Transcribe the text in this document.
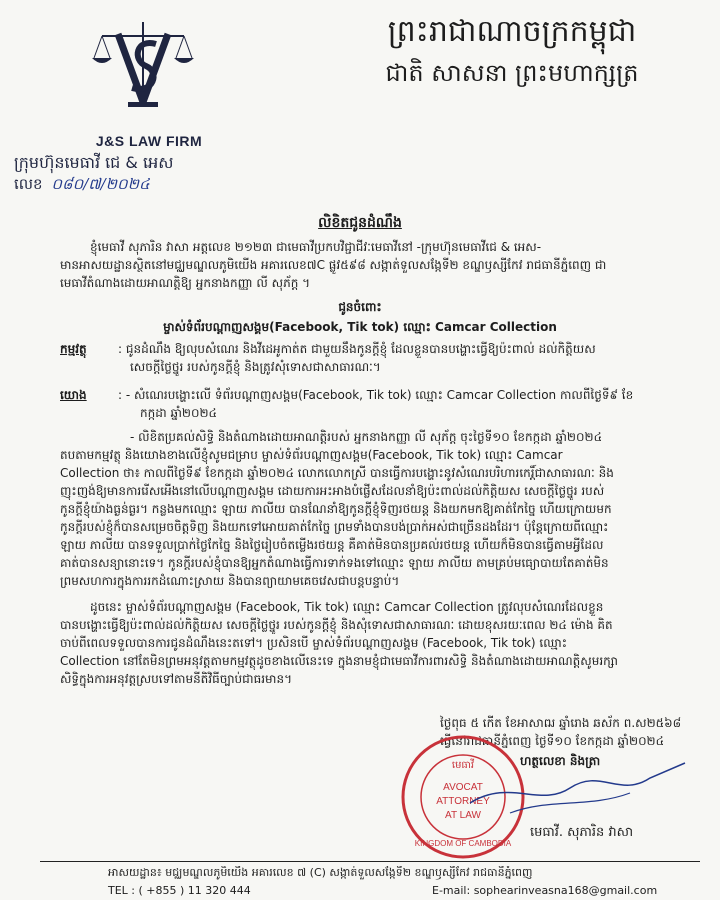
J&S LAW FIRM
ក្រុមហ៊ុនមេធាវី ជេ & អេស
លេខ ០៨០/៧/២០២៤
ព្រះរាជាណាចក្រកម្ពុជា
ជាតិ សាសនា ព្រះមហាក្សត្រ
លិខិតជូនដំណឹង
ខ្ញុំមេធាវី សុភារិន វាសា អត្តលេខ ២១២៣ ជាមេធាវីប្រកបវិជ្ជាជីវៈមេធាវីនៅ -ក្រុមហ៊ុនមេធាវីជេ & អេស-
មានអាសយដ្ឋានស្ថិតនៅមជ្ឈមណ្ឌលភូមិយើង អគារលេខ៧C ផ្លូវ៥៩៨ សង្កាត់ទួលសង្កែទី២ ខណ្ឌឫស្សីកែវ រាជធានីភ្នំពេញ ជា
មេធាវីតំណាងដោយអាណត្តិឱ្យ អ្នកនាងកញ្ញា លី សុភ័ក្ត ។
ជូនចំពោះ
ម្ចាស់ទំព័របណ្តាញសង្គម(Facebook, Tik tok) ឈ្មោះ Camcar Collection
កម្មវត្ថុ	: ជូនដំណឹង ឱ្យលុបសំណេរ និងវីដេអូកាត់ត ជាមួយនឹងកូនក្តីខ្ញុំ ដែលខ្លួនបានបង្ហោះធ្វើឱ្យប៉ះពាល់ ដល់កិត្តិយស
សេចក្តីថ្លៃថ្នូរ របស់កូនក្តីខ្ញុំ និងត្រូវសុំទោសជាសាធារណៈ។
យោង	: - សំណេរបង្ហោះលើ ទំព័របណ្តាញសង្គម(Facebook, Tik tok) ឈ្មោះ Camcar Collection កាលពីថ្ងៃទី៩ ខែ
កក្កដា ឆ្នាំ២០២៤
- លិខិតប្រគល់សិទ្ធិ និងតំណាងដោយអាណត្តិរបស់ អ្នកនាងកញ្ញា លី សុភ័ក្ត ចុះថ្ងៃទី១០ ខែកក្កដា ឆ្នាំ២០២៤
តបតាមកម្មវត្ថុ និងយោងខាងលើខ្ញុំសូមជម្រាប ម្ចាស់ទំព័របណ្តាញសង្គម(Facebook, Tik tok) ឈ្មោះ Camcar
Collection ថា៖ កាលពីថ្ងៃទី៩ ខែកក្កដា ឆ្នាំ២០២៤ លោកលោកស្រី បានធ្វើការបង្ហោះនូវសំណេរបរិហារកេរ្តិ៍ជាសាធារណៈ និង
ញុះញង់ឱ្យមានការរើសអើងនៅលើបណ្តាញសង្គម ដោយការអះអាងបំផ្លើសដែលនាំឱ្យប៉ះពាល់ដល់កិត្តិយស សេចក្តីថ្លៃថ្នូរ របស់
កូនក្តីខ្ញុំយ៉ាងធ្ងន់ធ្ងរ។ កន្លងមកឈ្មោះ ឡាយ ភាលីយ បានណែនាំឱ្យកូនក្តីខ្ញុំទិញរថយន្ត និងយកមកឱ្យគាត់កែច្នៃ ហើយក្រោយមក
កូនក្តីរបស់ខ្ញុំក៏បានសម្រេចចិត្តទិញ និងយកទៅអោយគាត់កែច្នៃ ព្រមទាំងបានបង់ប្រាក់អស់ជាច្រើនដងដែរ។ ប៉ុន្តែក្រោយពីឈ្មោះ
ឡាយ ភាលីយ បានទទួលប្រាក់ថ្លៃកែច្នៃ និងថ្លៃរៀបចំតម្លើងរថយន្ត គឺគាត់មិនបានប្រគល់រថយន្ត ហើយក៏មិនបានធ្វើតាមអ្វីដែល
គាត់បានសន្យានោះទេ។ កូនក្តីរបស់ខ្ញុំបានឱ្យអ្នកតំណាងធ្វើការទាក់ទងទៅឈ្មោះ ឡាយ ភាលីយ តាមគ្រប់មធ្យោបាយតែគាត់មិន
ព្រមសហការក្នុងការរកដំណោះស្រាយ និងបានព្យាយាមគេចវេសជាបន្តបន្ទាប់។
ដូចនេះ ម្ចាស់ទំព័របណ្តាញសង្គម (Facebook, Tik tok) ឈ្មោះ Camcar Collection ត្រូវលុបសំណេរដែលខ្លួន
បានបង្ហោះធ្វើឱ្យប៉ះពាល់ដល់កិត្តិយស សេចក្តីថ្លៃថ្នូរ របស់កូនក្តីខ្ញុំ និងសុំទោសជាសាធារណៈ ដោយខុសរយៈពេល ២៤ ម៉ោង គិត
ចាប់ពីពេលទទួលបានការជូនដំណឹងនេះតទៅ។ ប្រសិនបើ ម្ចាស់ទំព័របណ្តាញសង្គម (Facebook, Tik tok) ឈ្មោះ
Collection នៅតែមិនព្រមអនុវត្តតាមកម្មវត្ថុដូចខាងលើនេះទេ ក្នុងនាមខ្ញុំជាមេធាវីការពារសិទ្ធិ និងតំណាងដោយអាណត្តិសូមរក្សា
សិទ្ធិក្នុងការអនុវត្តស្របទៅតាមនីតិវិធីច្បាប់ជាធរមាន។
ថ្ងៃពុធ ៥ កើត ខែអាសាឍ ឆ្នាំរោង ឆស័ក ព.ស២៥៦៨
ធ្វើនៅរាជធានីភ្នំពេញ ថ្ងៃទី១០ ខែកក្កដា ឆ្នាំ២០២៤
ហត្ថលេខា និងត្រា
មេធាវី
AVOCAT
ATTORNEY
AT LAW
KINGDOM OF CAMBODIA
មេធាវី. សុភារិន វាសា
អាសយដ្ឋាន៖ មជ្ឈមណ្ឌលភូមិយើង អគារលេខ ៧ (C) សង្កាត់ទួលសង្កែទី២ ខណ្ឌឫស្សីកែវ រាជធានីភ្នំពេញ
TEL : ( +855 ) 11 320 444	E-mail: sophearinveasna168@gmail.com
